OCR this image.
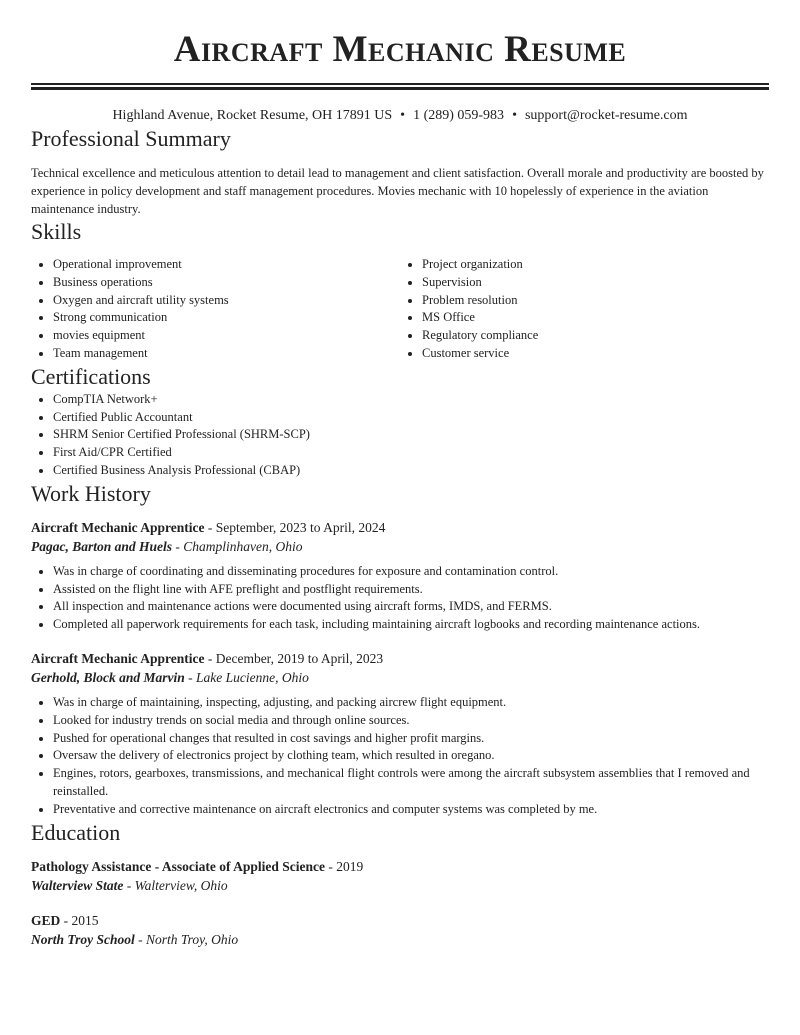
Aircraft Mechanic Resume
Highland Avenue, Rocket Resume, OH 17891 US • 1 (289) 059-983 • support@rocket-resume.com
Professional Summary
Technical excellence and meticulous attention to detail lead to management and client satisfaction. Overall morale and productivity are boosted by experience in policy development and staff management procedures. Movies mechanic with 10 hopelessly of experience in the aviation maintenance industry.
Skills
• Operational improvement
• Business operations
• Oxygen and aircraft utility systems
• Strong communication
• movies equipment
• Team management
• Project organization
• Supervision
• Problem resolution
• MS Office
• Regulatory compliance
• Customer service
Certifications
• CompTIA Network+
• Certified Public Accountant
• SHRM Senior Certified Professional (SHRM-SCP)
• First Aid/CPR Certified
• Certified Business Analysis Professional (CBAP)
Work History
Aircraft Mechanic Apprentice - September, 2023 to April, 2024
Pagac, Barton and Huels - Champlinhaven, Ohio
• Was in charge of coordinating and disseminating procedures for exposure and contamination control.
• Assisted on the flight line with AFE preflight and postflight requirements.
• All inspection and maintenance actions were documented using aircraft forms, IMDS, and FERMS.
• Completed all paperwork requirements for each task, including maintaining aircraft logbooks and recording maintenance actions.
Aircraft Mechanic Apprentice - December, 2019 to April, 2023
Gerhold, Block and Marvin - Lake Lucienne, Ohio
• Was in charge of maintaining, inspecting, adjusting, and packing aircrew flight equipment.
• Looked for industry trends on social media and through online sources.
• Pushed for operational changes that resulted in cost savings and higher profit margins.
• Oversaw the delivery of electronics project by clothing team, which resulted in oregano.
• Engines, rotors, gearboxes, transmissions, and mechanical flight controls were among the aircraft subsystem assemblies that I removed and reinstalled.
• Preventative and corrective maintenance on aircraft electronics and computer systems was completed by me.
Education
Pathology Assistance - Associate of Applied Science - 2019
Walterview State - Walterview, Ohio
GED - 2015
North Troy School - North Troy, Ohio
